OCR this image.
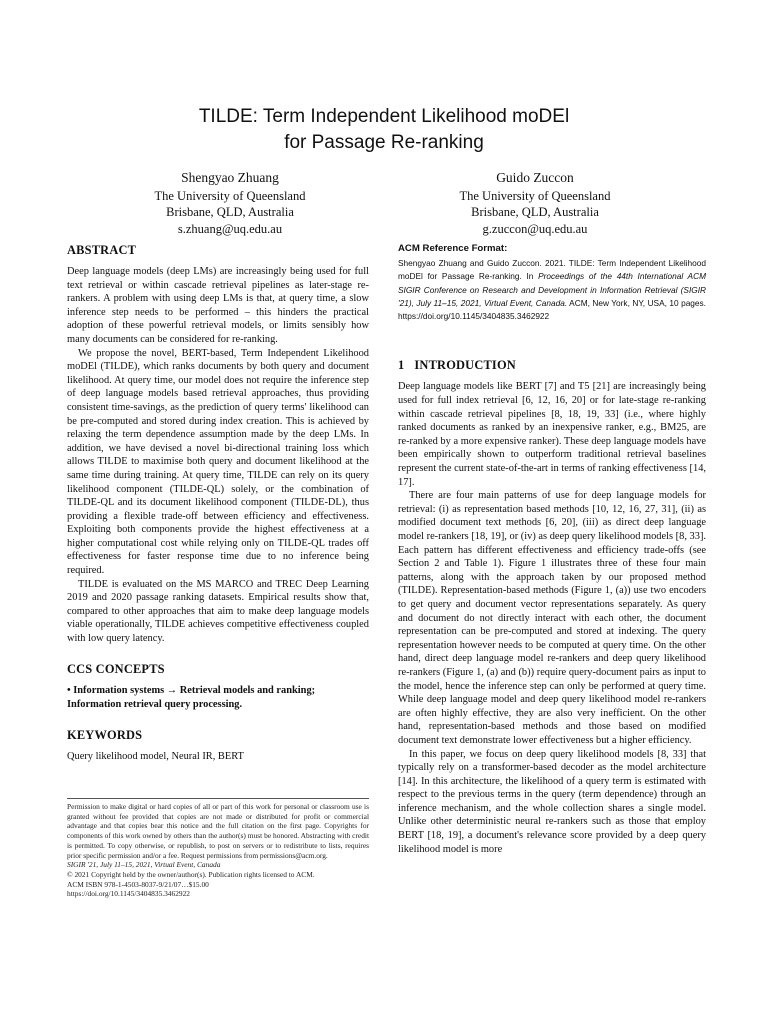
TILDE: Term Independent Likelihood moDEl
for Passage Re-ranking
Shengyao Zhuang
The University of Queensland
Brisbane, QLD, Australia
s.zhuang@uq.edu.au
Guido Zuccon
The University of Queensland
Brisbane, QLD, Australia
g.zuccon@uq.edu.au
ABSTRACT

Deep language models (deep LMs) are increasingly being used for full text retrieval or within cascade retrieval pipelines as later-stage re-rankers. A problem with using deep LMs is that, at query time, a slow inference step needs to be performed – this hinders the practical adoption of these powerful retrieval models, or limits sensibly how many documents can be considered for re-ranking.

We propose the novel, BERT-based, Term Independent Likelihood moDEl (TILDE), which ranks documents by both query and document likelihood. At query time, our model does not require the inference step of deep language models based retrieval approaches, thus providing consistent time-savings, as the prediction of query terms' likelihood can be pre-computed and stored during index creation. This is achieved by relaxing the term dependence assumption made by the deep LMs. In addition, we have devised a novel bi-directional training loss which allows TILDE to maximise both query and document likelihood at the same time during training. At query time, TILDE can rely on its query likelihood component (TILDE-QL) solely, or the combination of TILDE-QL and its document likelihood component (TILDE-DL), thus providing a flexible trade-off between efficiency and effectiveness. Exploiting both components provide the highest effectiveness at a higher computational cost while relying only on TILDE-QL trades off effectiveness for faster response time due to no inference being required.

TILDE is evaluated on the MS MARCO and TREC Deep Learning 2019 and 2020 passage ranking datasets. Empirical results show that, compared to other approaches that aim to make deep language models viable operationally, TILDE achieves competitive effectiveness coupled with low query latency.

CCS CONCEPTS

• Information systems → Retrieval models and ranking; Information retrieval query processing.

KEYWORDS

Query likelihood model, Neural IR, BERT

Permission to make digital or hard copies of all or part of this work for personal or classroom use is granted without fee provided that copies are not made or distributed for profit or commercial advantage and that copies bear this notice and the full citation on the first page. Copyrights for components of this work owned by others than the author(s) must be honored. Abstracting with credit is permitted. To copy otherwise, or republish, to post on servers or to redistribute to lists, requires prior specific permission and/or a fee. Request permissions from permissions@acm.org.
SIGIR '21, July 11–15, 2021, Virtual Event, Canada
© 2021 Copyright held by the owner/author(s). Publication rights licensed to ACM.
ACM ISBN 978-1-4503-8037-9/21/07…$15.00
https://doi.org/10.1145/3404835.3462922
ACM Reference Format:

Shengyao Zhuang and Guido Zuccon. 2021. TILDE: Term Independent Likelihood moDEl for Passage Re-ranking. In Proceedings of the 44th International ACM SIGIR Conference on Research and Development in Information Retrieval (SIGIR '21), July 11–15, 2021, Virtual Event, Canada. ACM, New York, NY, USA, 10 pages. https://doi.org/10.1145/3404835.3462922

1 INTRODUCTION

Deep language models like BERT [7] and T5 [21] are increasingly being used for full index retrieval [6, 12, 16, 20] or for late-stage re-ranking within cascade retrieval pipelines [8, 18, 19, 33] (i.e., where highly ranked documents as ranked by an inexpensive ranker, e.g., BM25, are re-ranked by a more expensive ranker). These deep language models have been empirically shown to outperform traditional retrieval baselines represent the current state-of-the-art in terms of ranking effectiveness [14, 17].

There are four main patterns of use for deep language models for retrieval: (i) as representation based methods [10, 12, 16, 27, 31], (ii) as modified document text methods [6, 20], (iii) as direct deep language model re-rankers [18, 19], or (iv) as deep query likelihood models [8, 33]. Each pattern has different effectiveness and efficiency trade-offs (see Section 2 and Table 1). Figure 1 illustrates three of these four main patterns, along with the approach taken by our proposed method (TILDE). Representation-based methods (Figure 1, (a)) use two encoders to get query and document vector representations separately. As query and document do not directly interact with each other, the document representation can be pre-computed and stored at indexing. The query representation however needs to be computed at query time. On the other hand, direct deep language model re-rankers and deep query likelihood re-rankers (Figure 1, (a) and (b)) require query-document pairs as input to the model, hence the inference step can only be performed at query time. While deep language model and deep query likelihood model re-rankers are often highly effective, they are also very inefficient. On the other hand, representation-based methods and those based on modified document text demonstrate lower effectiveness but a higher efficiency.

In this paper, we focus on deep query likelihood models [8, 33] that typically rely on a transformer-based decoder as the model architecture [14]. In this architecture, the likelihood of a query term is estimated with respect to the previous terms in the query (term dependence) through an inference mechanism, and the whole collection shares a single model. Unlike other deterministic neural re-rankers such as those that employ BERT [18, 19], a document's relevance score provided by a deep query likelihood model is more
